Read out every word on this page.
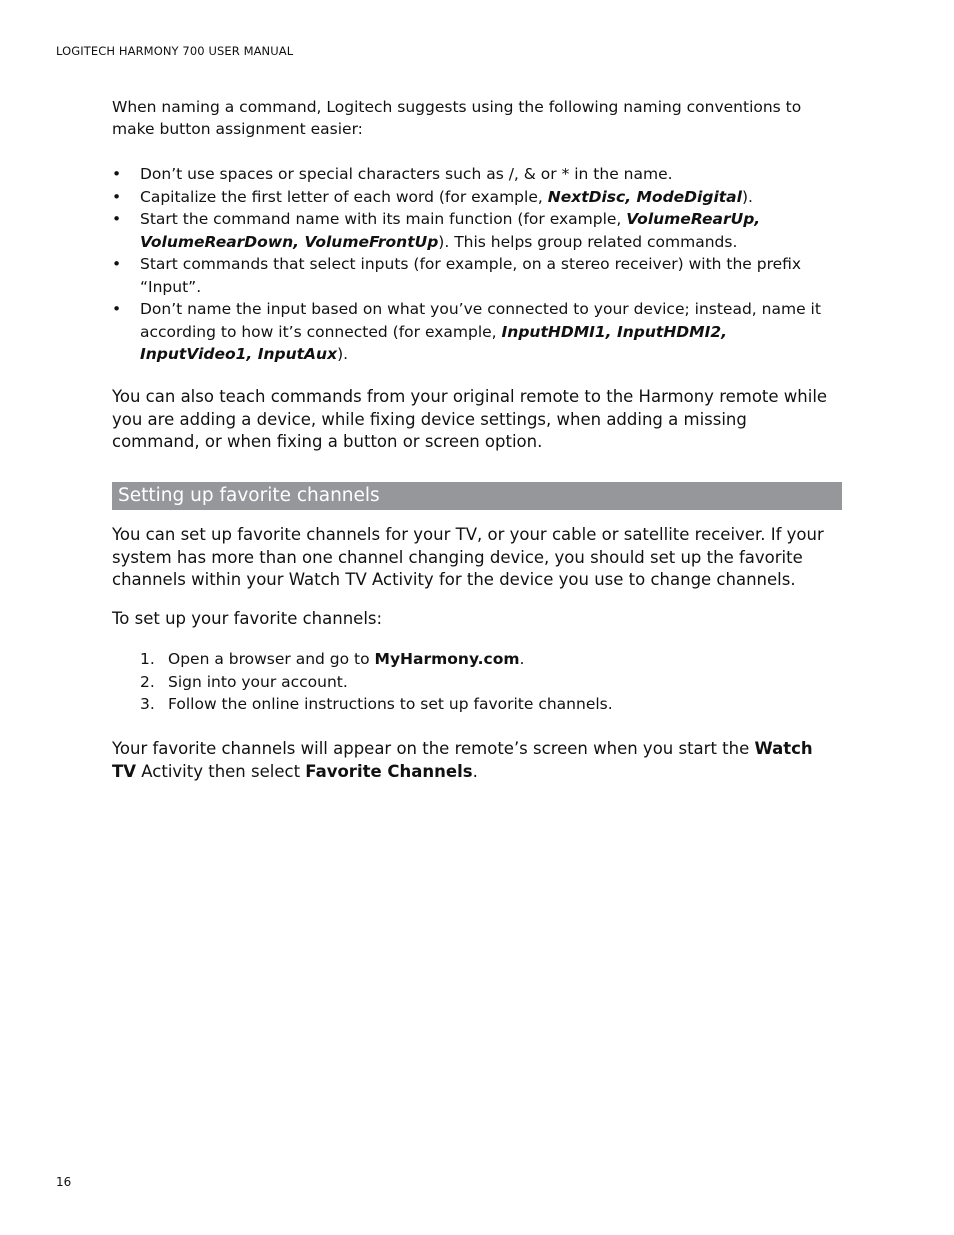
LOGITECH HARMONY 700 USER MANUAL

When naming a command, Logitech suggests using the following naming conventions to make button assignment easier:

• Don’t use spaces or special characters such as /, & or * in the name.
• Capitalize the first letter of each word (for example, NextDisc, ModeDigital).
• Start the command name with its main function (for example, VolumeRearUp, VolumeRearDown, VolumeFrontUp). This helps group related commands.
• Start commands that select inputs (for example, on a stereo receiver) with the prefix “Input”.
• Don’t name the input based on what you’ve connected to your device; instead, name it according to how it’s connected (for example, InputHDMI1, InputHDMI2, InputVideo1, InputAux).

You can also teach commands from your original remote to the Harmony remote while you are adding a device, while fixing device settings, when adding a missing command, or when fixing a button or screen option.

Setting up favorite channels

You can set up favorite channels for your TV, or your cable or satellite receiver. If your system has more than one channel changing device, you should set up the favorite channels within your Watch TV Activity for the device you use to change channels.

To set up your favorite channels:

1. Open a browser and go to MyHarmony.com.
2. Sign into your account.
3. Follow the online instructions to set up favorite channels.

Your favorite channels will appear on the remote’s screen when you start the Watch TV Activity then select Favorite Channels.

16
